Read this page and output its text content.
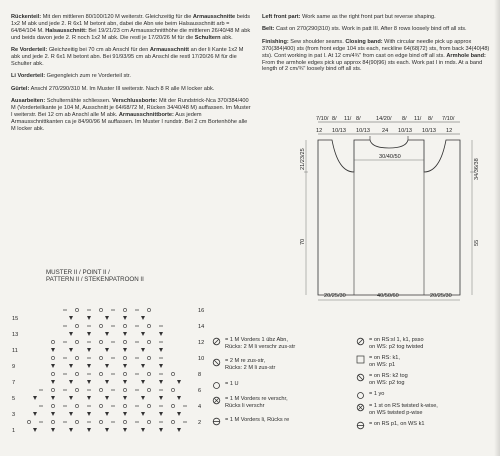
Rückenteil: Mit den mittleren 80/100/120 M weiterstr. Gleichzeitig für die Armausschnitte beids 1x2 M abk und jede 2. R 6x1 M betont abn, dabei die Abn wie beim Halsausschnitt arb = 64/84/104 M. Halsausschnitt: Bei 19/21/23 cm Armausschnitthöhe die mittleren 26/40/48 M abk und beids davon jede 2. R noch 1x2 M abk. Die restl je 17/20/26 M für die Schultern abk.

Re Vorderteil: Gleichzeitig bei 70 cm ab Anschl für den Armausschnitt an der li Kante 1x2 M abk und jede 2. R 6x1 M betont abn. Bei 91/93/95 cm ab Anschl die restl 17/20/26 M für die Schulter abk.

Li Vorderteil: Gegengleich zum re Vorderteil str.

Gürtel: Anschl 270/290/310 M. Im Muster III weiterstr. Nach 8 R alle M locker abk.

Ausarbeiten: Schulternähte schliessen. Verschlussborte: Mit der Rundstrick-Nca 370/384/400 M (Vorderteilkante je 104 M, Ausschnitt je 64/68/72 M, Rücken 34/40/48 M) auffassen. Im Muster I weiterstr. Bei 12 cm ab Anschl alle M abk. Armausschnittborte: Aus jedem Armausschnittkanten ca je 84/90/96 M auffassen. Im Muster I rundstr. Bei 2 cm Bortenhöhe alle M locker abk.

Left front part: Work same as the right front part but reverse shaping.

Belt: Cast on 270(290|310) sts. Work in patt III. After 8 rows loosely bind off all sts.

Finishing: Sew shoulder seams. Closing band: With circular needle pick up approx 370(384|400) sts (from front edge 104 sts each, neckline 64(68|72) sts, from back 34(40|48) sts). Cont working in pat I. At 12 cm/4¾" from cast on edge bind off all sts. Armhole band: From the armhole edges pick up approx 84(90|96) sts each. Work pat I in rnds. At a band length of 2 cm/¾" loosely bind off all sts.

7/10/ 8/ 11/ 8/	14/20/ 8/ 11/ 8/ 7/10/
12 10/13 10/13 24 10/13 10/13 12
30/40/50
21/23/25
70
34/36/38
55
20/25/30	40/50/60	20/25/30
MUSTER II / POINT II /
PATTERN II / STEKENPATROON II
15
13
11
9
7
5
3
1
16
14
12
10
8
6
4
2
= 1 M Vorders 1 übz Abn,
Rücks: 2 M li verschr zus-str
= 2 M re zus-str,
Rücks: 2 M li zus-str
= 1 U
= 1 M Vorders re verschr,
Rücks li verschr
= 1 M Vorders li, Rücks re
= on RS:sl 1, k1, psso
on WS: p2 tog twisted
= on RS: k1,
on WS: p1
= on RS: k2 tog
on WS: p2 tog
= 1 yo
= 1 st on RS twisted k-wise,
on WS twisted p-wise
= on RS p1, on WS k1
